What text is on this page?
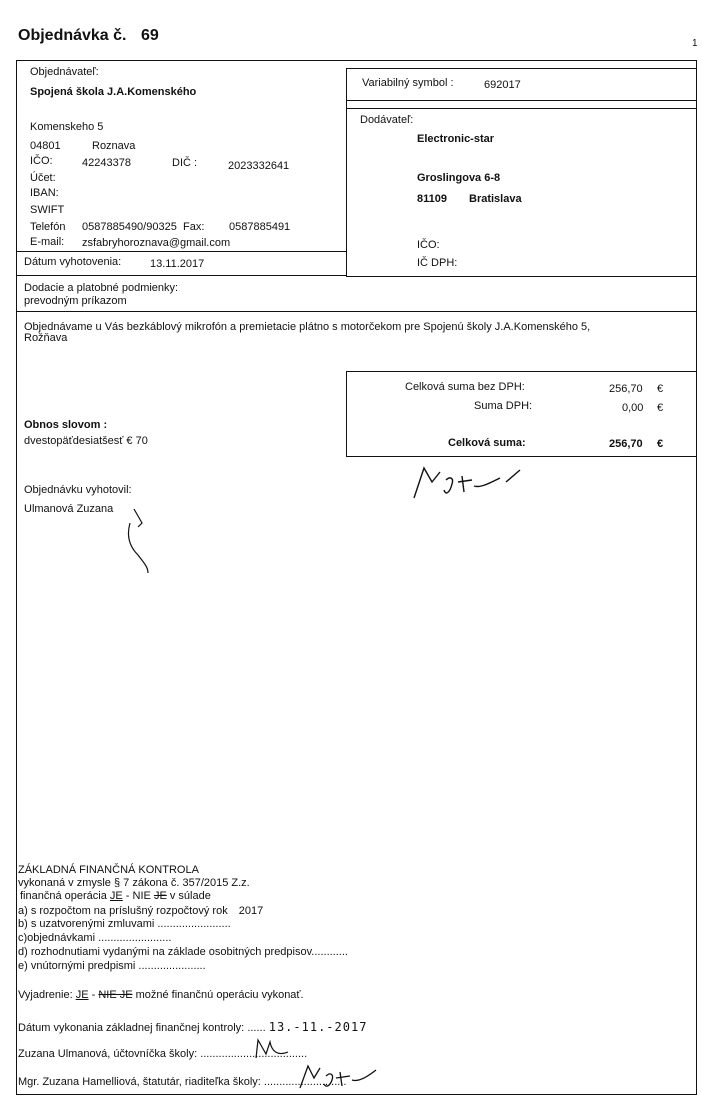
Objednávka č. 69	1
Objednávateľ:
Spojená škola J.A.Komenského
Komenskeho 5
04801	Roznava
IČO:	42243378	DIČ :	2023332641
Účet:
IBAN:
SWIFT
Telefón 0587885490/90325 Fax: 0587885491
E-mail: zsfabryhoroznava@gmail.com
Dátum vyhotovenia:	13.11.2017
Variabilný symbol :	692017
Dodávateľ:
Electronic-star
Groslingova 6-8
81109 Bratislava
IČO:
IČ DPH:
Dodacie a platobné podmienky:
prevodným príkazom
Objednávame u Vás bezkáblový mikrofón a premietacie plátno s motorčekom pre Spojenú školy J.A.Komenského 5,
Rožňava
Celková suma bez DPH:	256,70 €
Suma DPH:	0,00 €
Celková suma:	256,70 €
Obnos slovom :
dvestopäťdesiatšesť € 70
Objednávku vyhotovil:
Ulmanová Zuzana
ZÁKLADNÁ FINANČNÁ KONTROLA
vykonaná v zmysle § 7 zákona č. 357/2015 Z.z.
finančná operácia JE - NIE JE v súlade
a) s rozpočtom na príslušný rozpočtový rok 2017
b) s uzatvorenými zmluvami ........................
c)objednávkami ........................
d) rozhodnutiami vydanými na základe osobitných predpisov............
e) vnútornými predpismi ......................
Vyjadrenie: JE - NIE JE možné finančnú operáciu vykonať.
Dátum vykonania základnej finančnej kontroly: ...... 13.-11.-2017
Zuzana Ulmanová, účtovníčka školy: ...................................
Mgr. Zuzana Hamelliová, štatutár, riaditeľka školy: ...........................
